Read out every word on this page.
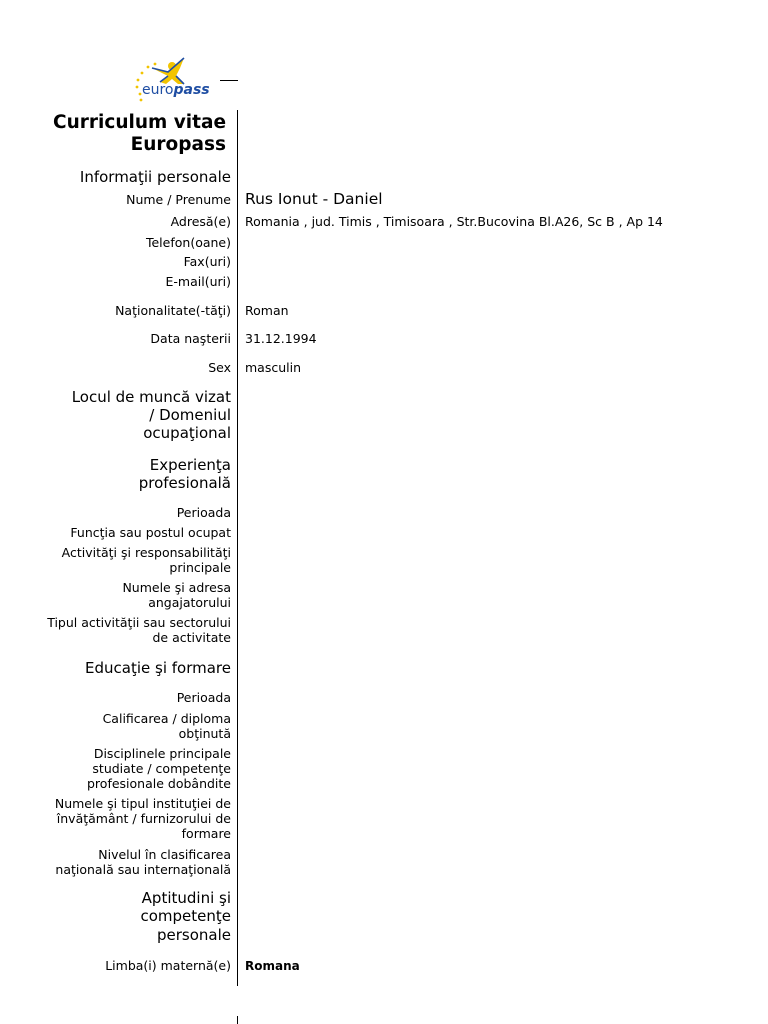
europass
Curriculum vitae
Europass
Informaţii personale
Nume / Prenume Rus Ionut - Daniel
Adresă(e) Romania , jud. Timis , Timisoara , Str.Bucovina Bl.A26, Sc B , Ap 14
Telefon(oane)
Fax(uri)
E-mail(uri)
Naţionalitate(-tăţi) Roman
Data naşterii 31.12.1994
Sex masculin
Locul de muncă vizat
/ Domeniul
ocupaţional
Experienţa
profesională
Perioada
Funcţia sau postul ocupat
Activităţi şi responsabilităţi
principale
Numele şi adresa
angajatorului
Tipul activităţii sau sectorului
de activitate
Educaţie şi formare
Perioada
Calificarea / diploma
obţinută
Disciplinele principale
studiate / competenţe
profesionale dobândite
Numele şi tipul instituţiei de
învăţământ / furnizorului de
formare
Nivelul în clasificarea
naţională sau internaţională
Aptitudini şi
competenţe
personale
Limba(i) maternă(e) Romana
